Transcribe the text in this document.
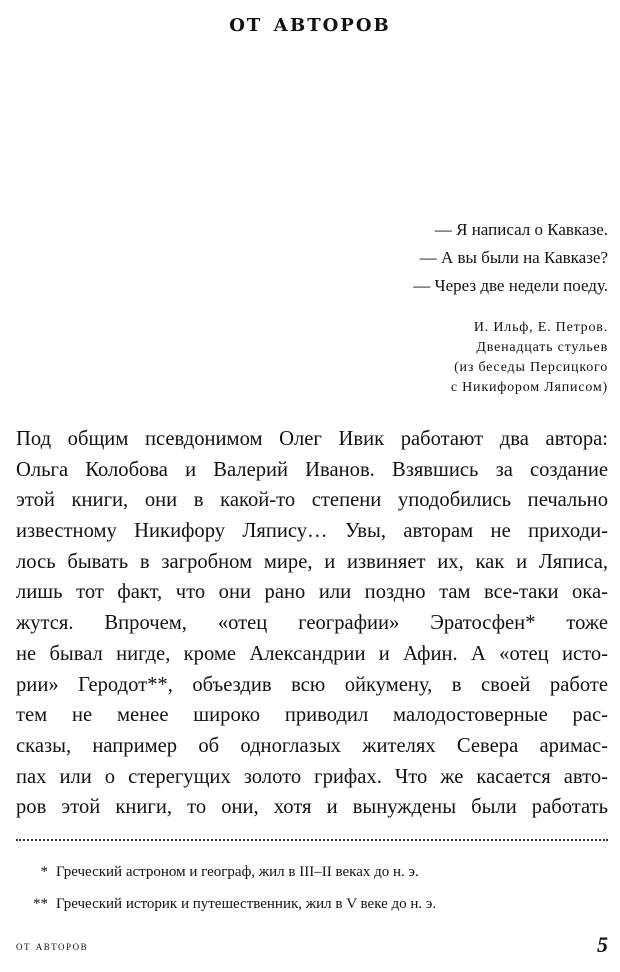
от авторов
— Я написал о Кавказе.
— А вы были на Кавказе?
— Через две недели поеду.
И. Ильф, Е. Петров.
Двенадцать стульев
(из беседы Персицкого
с Никифором Ляписом)
Под общим псевдонимом Олег Ивик работают два автора:
Ольга Колобова и Валерий Иванов. Взявшись за создание
этой книги, они в какой-то степени уподобились печально
известному Никифору Ляпису… Увы, авторам не приходи-
лось бывать в загробном мире, и извиняет их, как и Ляписа,
лишь тот факт, что они рано или поздно там все-таки ока-
жутся. Впрочем, «отец географии» Эратосфен* тоже
не бывал нигде, кроме Александрии и Афин. А «отец исто-
рии» Геродот**, объездив всю ойкумену, в своей работе
тем не менее широко приводил малодостоверные рас-
сказы, например об одноглазых жителях Севера аримас-
пах или о стерегущих золото грифах. Что же касается авто-
ров этой книги, то они, хотя и вынуждены были работать
* Греческий астроном и географ, жил в III–II веках до н. э.
** Греческий историк и путешественник, жил в V веке до н. э.
от авторов	5
